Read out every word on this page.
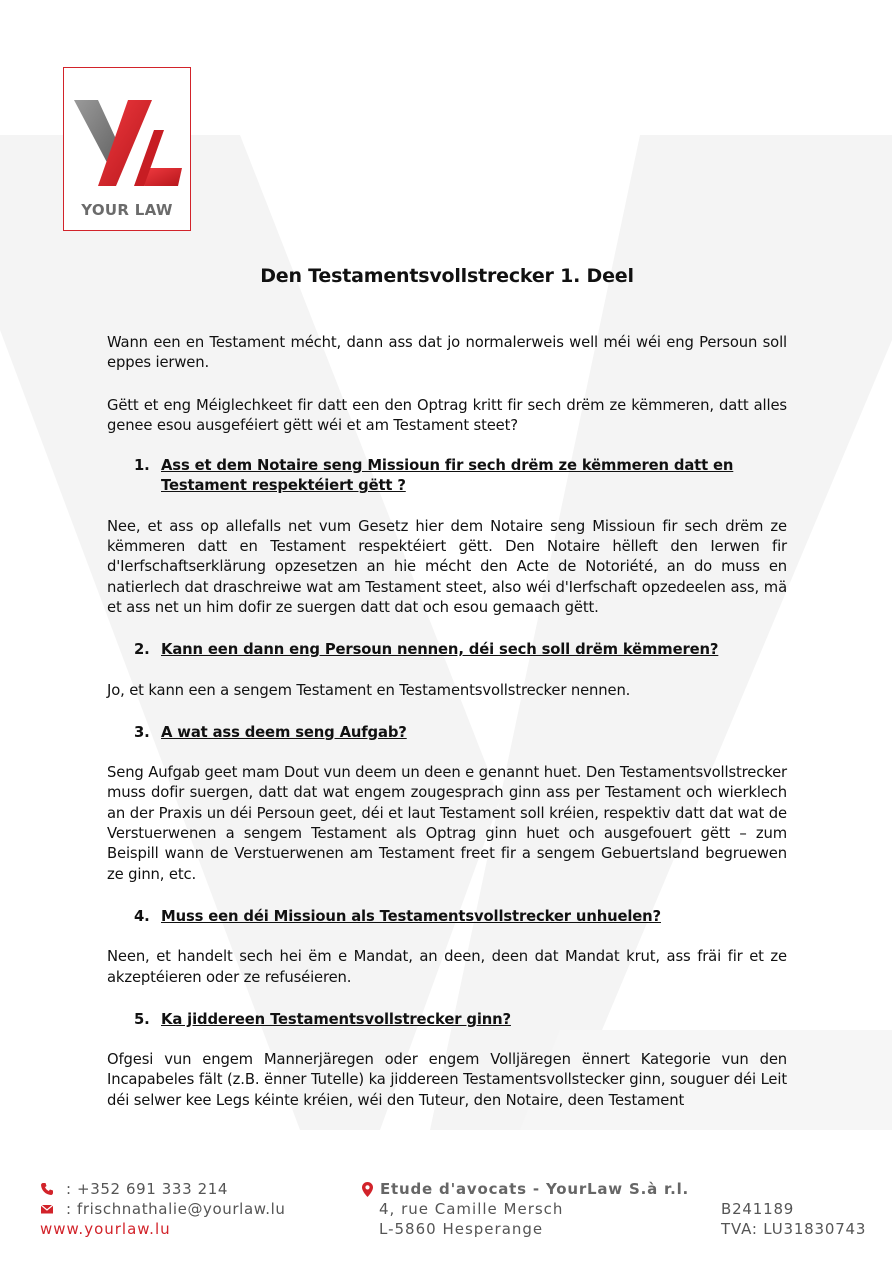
YOUR LAW
Den Testamentsvollstrecker 1. Deel

Wann een en Testament mécht, dann ass dat jo normalerweis well méi wéi eng Persoun soll eppes ierwen.

Gëtt et eng Méiglechkeet fir datt een den Optrag kritt fir sech drëm ze këmmeren, datt alles genee esou ausgeféiert gëtt wéi et am Testament steet?

1. Ass et dem Notaire seng Missioun fir sech drëm ze këmmeren datt en Testament respektéiert gëtt ?

Nee, et ass op allefalls net vum Gesetz hier dem Notaire seng Missioun fir sech drëm ze këmmeren datt en Testament respektéiert gëtt. Den Notaire hëlleft den Ierwen fir d'Ierfschaftserklärung opzesetzen an hie mécht den Acte de Notoriété, an do muss en natierlech dat draschreiwe wat am Testament steet, also wéi d'Ierfschaft opzedeelen ass, mä et ass net un him dofir ze suergen datt dat och esou gemaach gëtt.

2. Kann een dann eng Persoun nennen, déi sech soll drëm këmmeren?

Jo, et kann een a sengem Testament en Testamentsvollstrecker nennen.

3. A wat ass deem seng Aufgab?

Seng Aufgab geet mam Dout vun deem un deen e genannt huet. Den Testamentsvollstrecker muss dofir suergen, datt dat wat engem zougesprach ginn ass per Testament och wierklech an der Praxis un déi Persoun geet, déi et laut Testament soll kréien, respektiv datt dat wat de Verstuerwenen a sengem Testament als Optrag ginn huet och ausgefouert gëtt – zum Beispill wann de Verstuerwenen am Testament freet fir a sengem Gebuertsland begruewen ze ginn, etc.

4. Muss een déi Missioun als Testamentsvollstrecker unhuelen?

Neen, et handelt sech hei ëm e Mandat, an deen, deen dat Mandat krut, ass fräi fir et ze akzeptéieren oder ze refuséieren.

5. Ka jiddereen Testamentsvollstrecker ginn?

Ofgesi vun engem Mannerjäregen oder engem Volljäregen ënnert Kategorie vun den Incapabeles fält (z.B. ënner Tutelle) ka jiddereen Testamentsvollstecker ginn, souguer déi Leit déi selwer kee Legs kéinte kréien, wéi den Tuteur, den Notaire, deen Testament

: +352 691 333 214
: frischnathalie@yourlaw.lu
www.yourlaw.lu
Etude d'avocats - YourLaw S.à r.l.
4, rue Camille Mersch
L-5860 Hesperange
B241189
TVA: LU31830743
